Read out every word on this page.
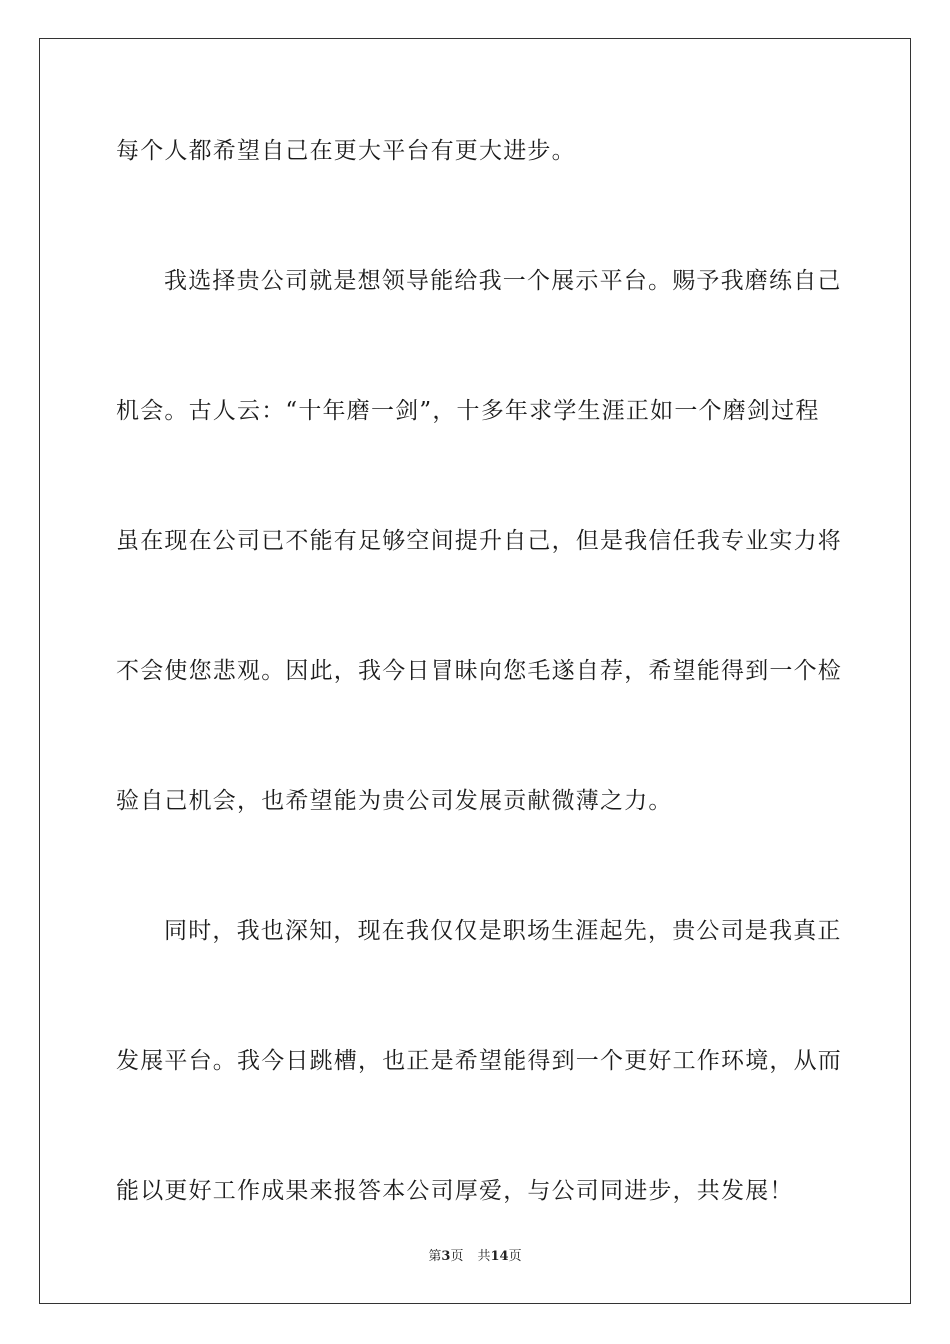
每个人都希望自己在更大平台有更大进步。
我选择贵公司就是想领导能给我一个展示平台。赐予我磨练自己
机会。古人云：“十年磨一剑”，十多年求学生涯正如一个磨剑过程
虽在现在公司已不能有足够空间提升自己，但是我信任我专业实力将
不会使您悲观。因此，我今日冒昧向您毛遂自荐，希望能得到一个检
验自己机会，也希望能为贵公司发展贡献微薄之力。
同时，我也深知，现在我仅仅是职场生涯起先，贵公司是我真正
发展平台。我今日跳槽，也正是希望能得到一个更好工作环境，从而
能以更好工作成果来报答本公司厚爱，与公司同进步，共发展！
第3页 共14页
